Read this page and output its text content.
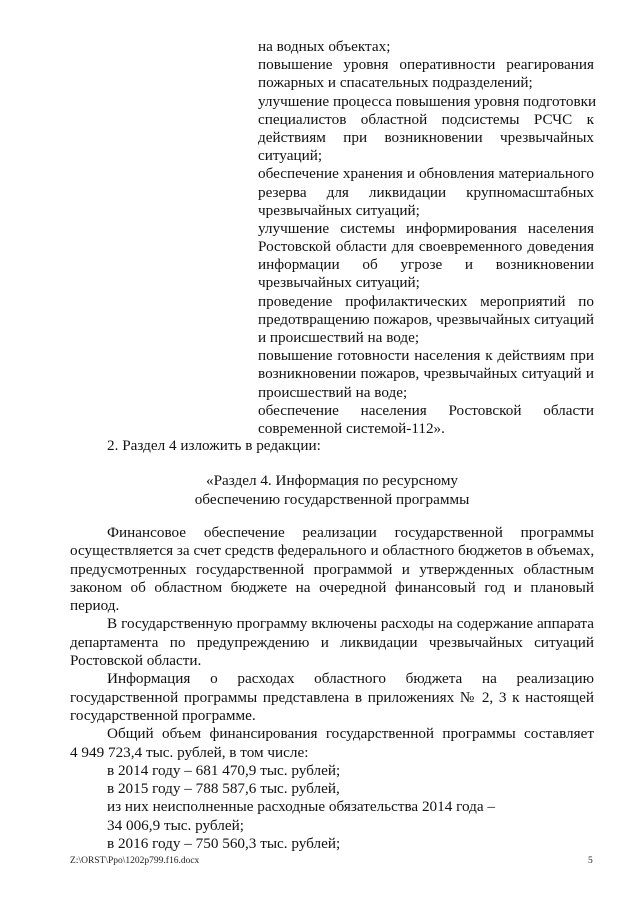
на водных объектах;
повышение уровня оперативности реагирования
пожарных и спасательных подразделений;
улучшение процесса повышения уровня подготовки
специалистов областной подсистемы РСЧС к
действиям при возникновении чрезвычайных
ситуаций;
обеспечение хранения и обновления материального
резерва для ликвидации крупномасштабных
чрезвычайных ситуаций;
улучшение системы информирования населения
Ростовской области для своевременного доведения
информации об угрозе и возникновении
чрезвычайных ситуаций;
проведение профилактических мероприятий по
предотвращению пожаров, чрезвычайных ситуаций
и происшествий на воде;
повышение готовности населения к действиям при
возникновении пожаров, чрезвычайных ситуаций и
происшествий на воде;
обеспечение населения Ростовской области
современной системой-112».
2. Раздел 4 изложить в редакции:
«Раздел 4. Информация по ресурсному
обеспечению государственной программы
Финансовое обеспечение реализации государственной программы
осуществляется за счет средств федерального и областного бюджетов в объемах,
предусмотренных государственной программой и утвержденных областным
законом об областном бюджете на очередной финансовый год и плановый
период.
В государственную программу включены расходы на содержание аппарата
департамента по предупреждению и ликвидации чрезвычайных ситуаций
Ростовской области.
Информация о расходах областного бюджета на реализацию
государственной программы представлена в приложениях № 2, 3 к настоящей
государственной программе.
Общий объем финансирования государственной программы составляет
4 949 723,4 тыс. рублей, в том числе:
в 2014 году – 681 470,9 тыс. рублей;
в 2015 году – 788 587,6 тыс. рублей,
из них неисполненные расходные обязательства 2014 года –
34 006,9 тыс. рублей;
в 2016 году – 750 560,3 тыс. рублей;
Z:\ORST\Ppo\1202p799.f16.docx	5
